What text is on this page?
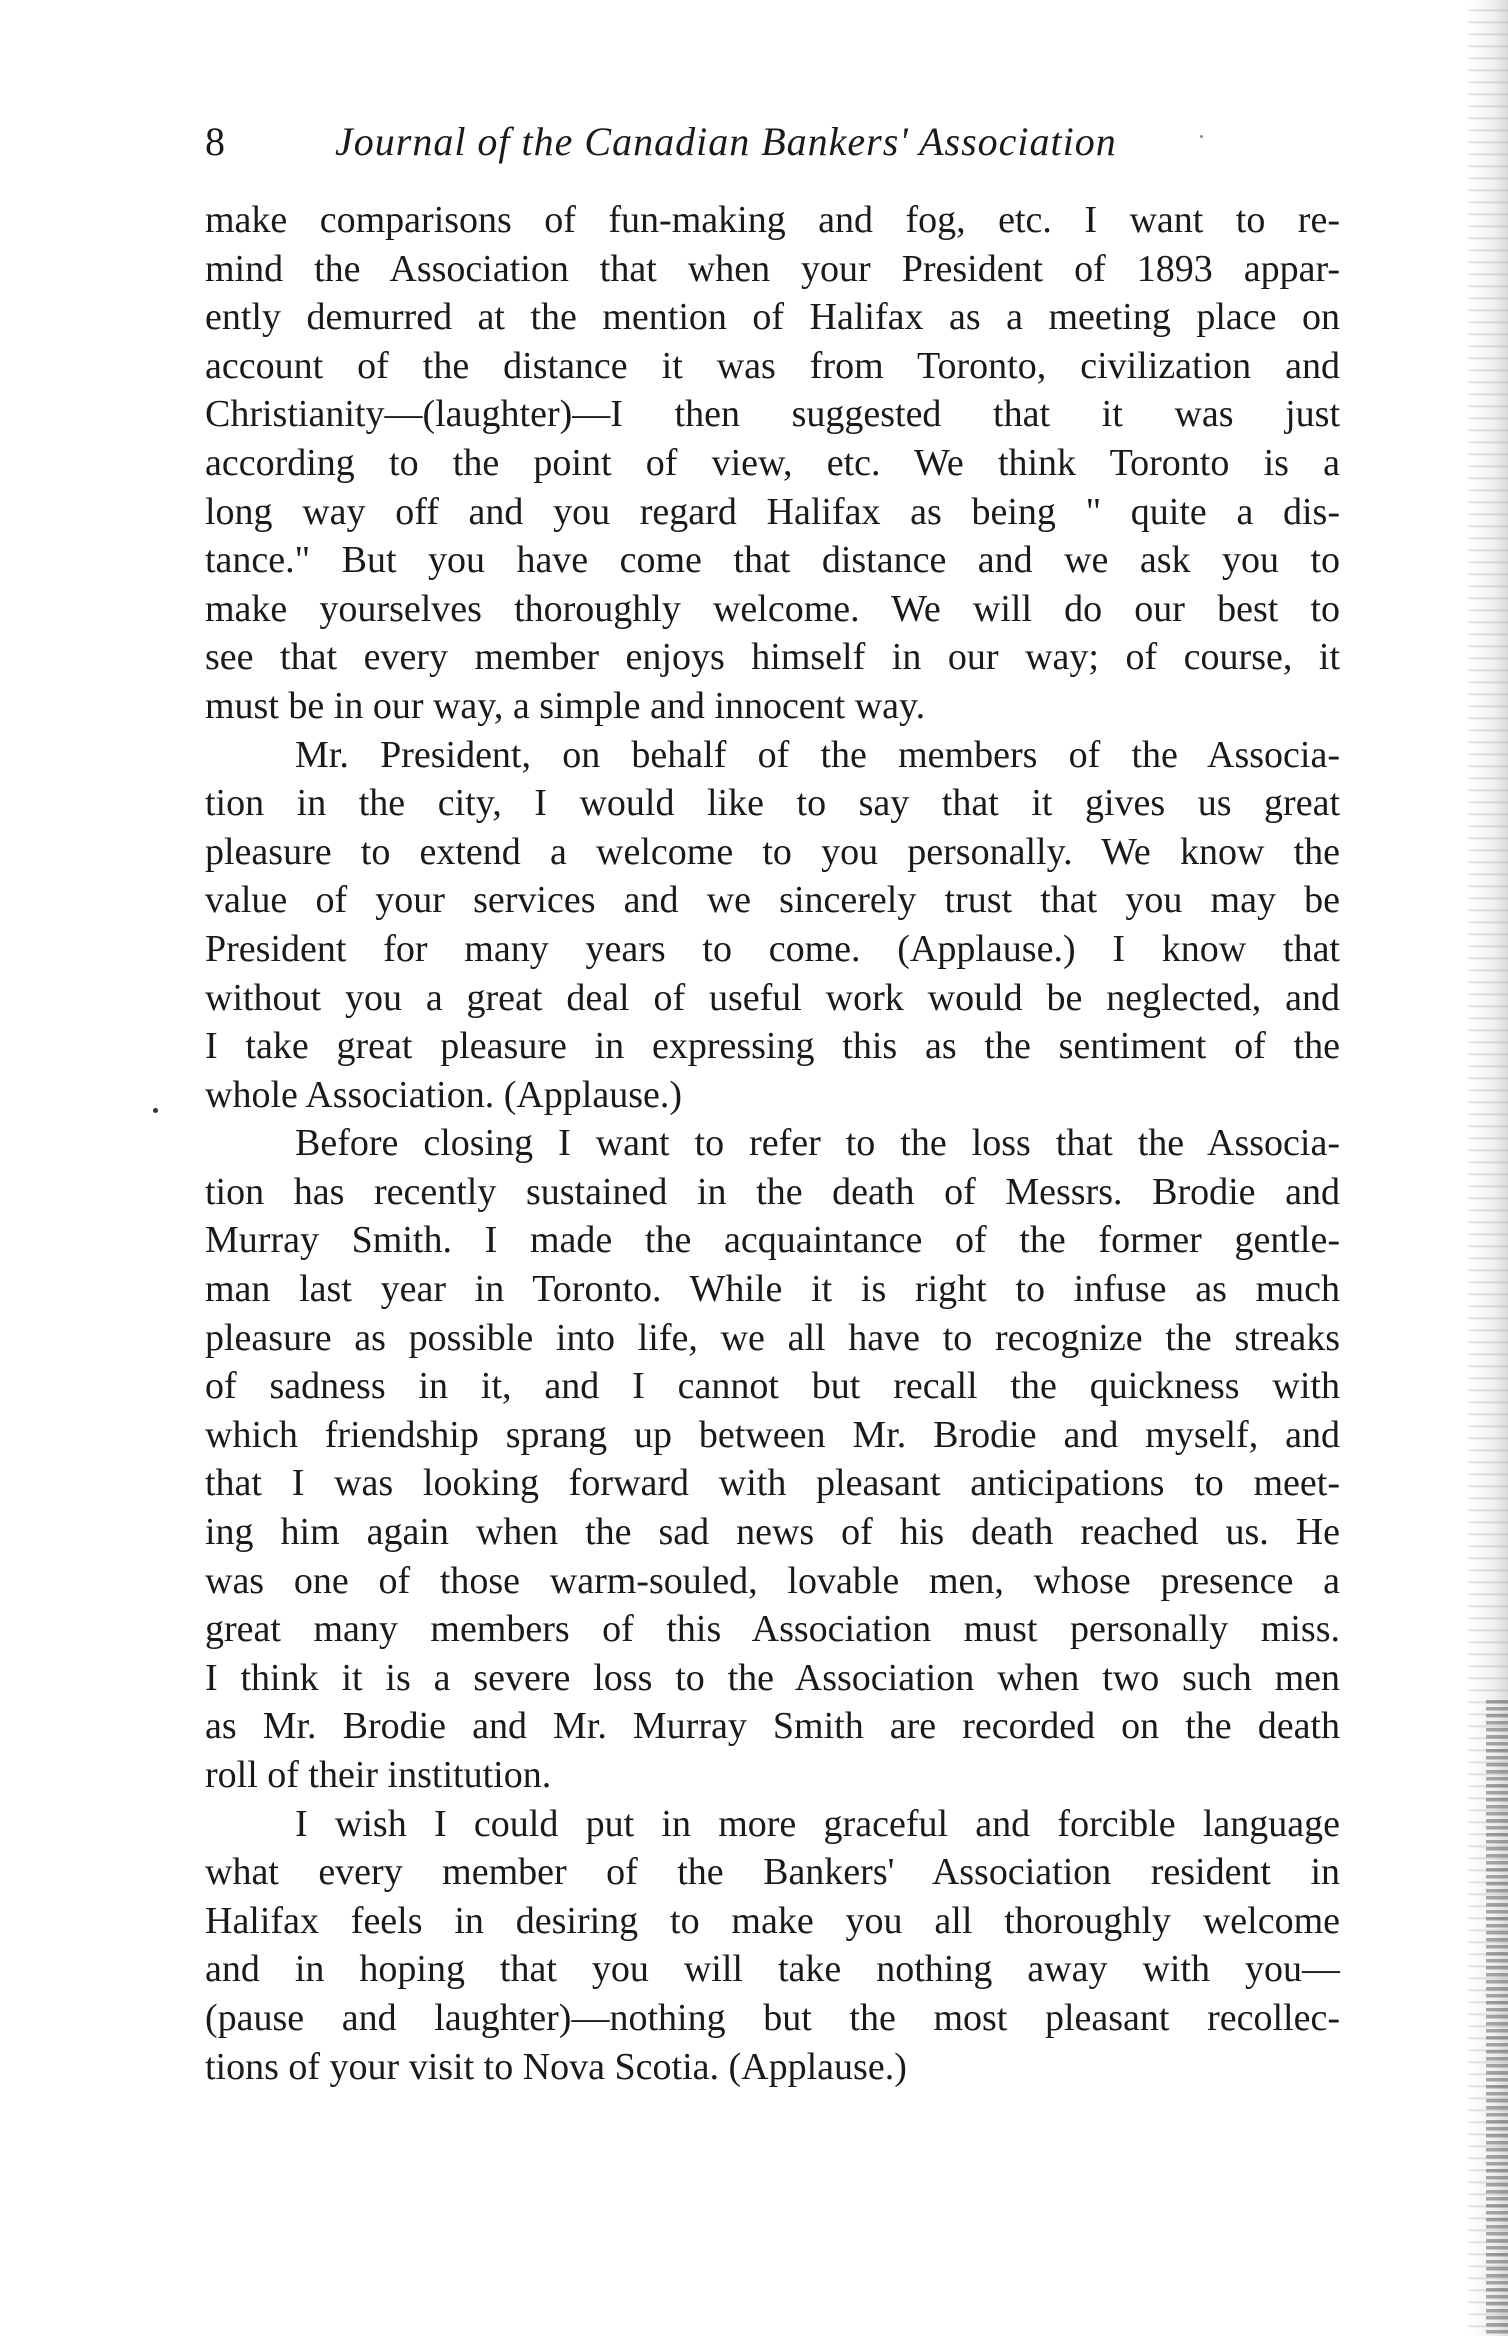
8	Journal of the Canadian Bankers' Association
make comparisons of fun-making and fog, etc. I want to re-
mind the Association that when your President of 1893 appar-
ently demurred at the mention of Halifax as a meeting place on
account of the distance it was from Toronto, civilization and
Christianity—(laughter)—I then suggested that it was just
according to the point of view, etc. We think Toronto is a
long way off and you regard Halifax as being " quite a dis-
tance." But you have come that distance and we ask you to
make yourselves thoroughly welcome. We will do our best to
see that every member enjoys himself in our way; of course, it
must be in our way, a simple and innocent way.
Mr. President, on behalf of the members of the Associa-
tion in the city, I would like to say that it gives us great
pleasure to extend a welcome to you personally. We know the
value of your services and we sincerely trust that you may be
President for many years to come. (Applause.) I know that
without you a great deal of useful work would be neglected, and
I take great pleasure in expressing this as the sentiment of the
whole Association. (Applause.)
Before closing I want to refer to the loss that the Associa-
tion has recently sustained in the death of Messrs. Brodie and
Murray Smith. I made the acquaintance of the former gentle-
man last year in Toronto. While it is right to infuse as much
pleasure as possible into life, we all have to recognize the streaks
of sadness in it, and I cannot but recall the quickness with
which friendship sprang up between Mr. Brodie and myself, and
that I was looking forward with pleasant anticipations to meet-
ing him again when the sad news of his death reached us. He
was one of those warm-souled, lovable men, whose presence a
great many members of this Association must personally miss.
I think it is a severe loss to the Association when two such men
as Mr. Brodie and Mr. Murray Smith are recorded on the death
roll of their institution.
I wish I could put in more graceful and forcible language
what every member of the Bankers' Association resident in
Halifax feels in desiring to make you all thoroughly welcome
and in hoping that you will take nothing away with you—
(pause and laughter)—nothing but the most pleasant recollec-
tions of your visit to Nova Scotia. (Applause.)
